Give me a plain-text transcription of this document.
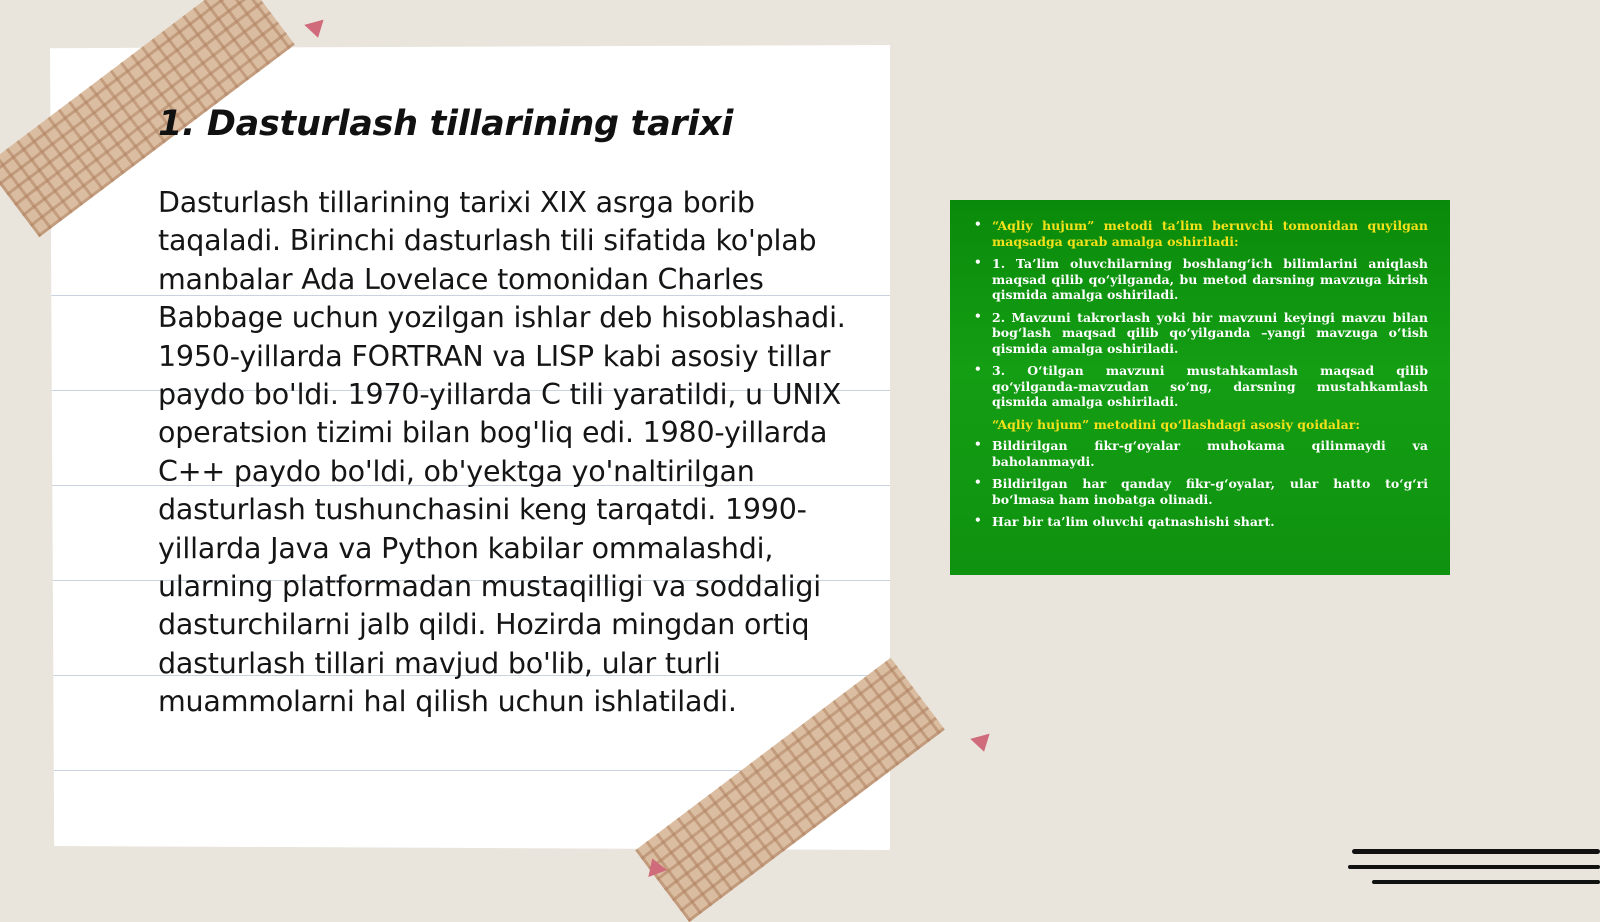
1. Dasturlash tillarining tarixi

Dasturlash tillarining tarixi XIX asrga borib taqaladi. Birinchi dasturlash tili sifatida ko'plab manbalar Ada Lovelace tomonidan Charles Babbage uchun yozilgan ishlar deb hisoblashadi. 1950-yillarda FORTRAN va LISP kabi asosiy tillar paydo bo'ldi. 1970-yillarda C tili yaratildi, u UNIX operatsion tizimi bilan bog'liq edi. 1980-yillarda C++ paydo bo'ldi, ob'yektga yo'naltirilgan dasturlash tushunchasini keng tarqatdi. 1990-yillarda Java va Python kabilar ommalashdi, ularning platformadan mustaqilligi va soddaligi dasturchilarni jalb qildi. Hozirda mingdan ortiq dasturlash tillari mavjud bo'lib, ular turli muammolarni hal qilish uchun ishlatiladi.

• “Aqliy hujum” metodi ta’lim beruvchi tomonidan quyilgan maqsadga qarab amalga oshiriladi:
• 1. Ta’lim oluvchilarning boshlang‘ich bilimlarini aniqlash maqsad qilib qo‘yilganda, bu metod darsning mavzuga kirish qismida amalga oshiriladi.
• 2. Mavzuni takrorlash yoki bir mavzuni keyingi mavzu bilan bog‘lash maqsad qilib qo‘yilganda –yangi mavzuga o‘tish qismida amalga oshiriladi.
• 3. O‘tilgan mavzuni mustahkamlash maqsad qilib qo‘yilganda-mavzudan so‘ng, darsning mustahkamlash qismida amalga oshiriladi.
“Aqliy hujum” metodini qo‘llashdagi asosiy qoidalar:
• Bildirilgan fikr-g‘oyalar muhokama qilinmaydi va baholanmaydi.
• Bildirilgan har qanday fikr-g‘oyalar, ular hatto to‘g‘ri bo‘lmasa ham inobatga olinadi.
• Har bir ta’lim oluvchi qatnashishi shart.
